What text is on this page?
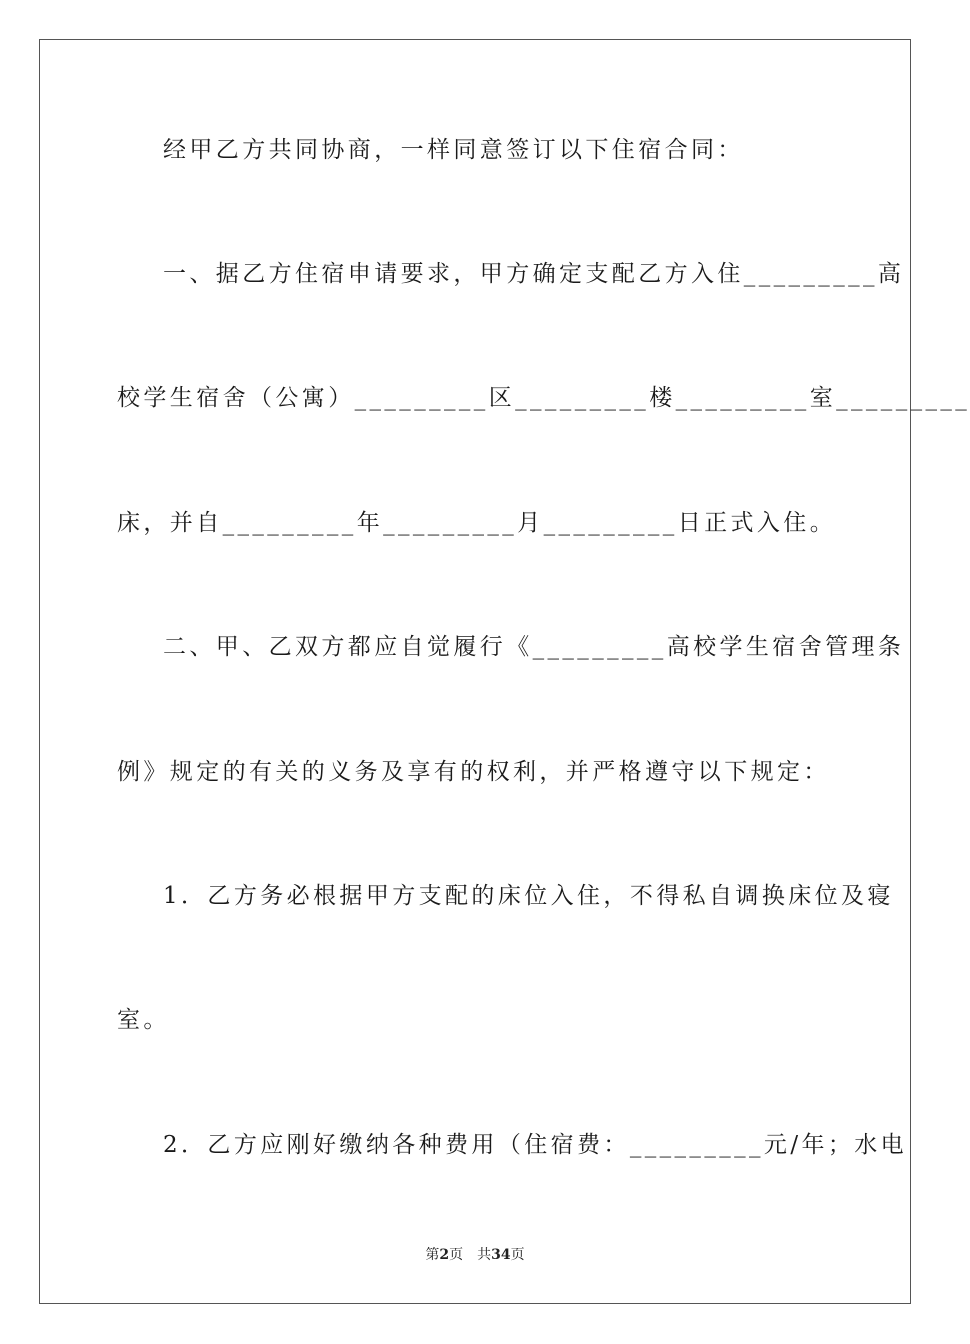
经甲乙方共同协商，一样同意签订以下住宿合同：
一、据乙方住宿申请要求，甲方确定支配乙方入住_________高
校学生宿舍（公寓）_________区_________楼_________室_________
床，并自_________年_________月_________日正式入住。
二、甲、乙双方都应自觉履行《_________高校学生宿舍管理条
例》规定的有关的义务及享有的权利，并严格遵守以下规定：
1．乙方务必根据甲方支配的床位入住，不得私自调换床位及寝
室。
2．乙方应刚好缴纳各种费用（住宿费：_________元/年；水电
第2页 共34页
